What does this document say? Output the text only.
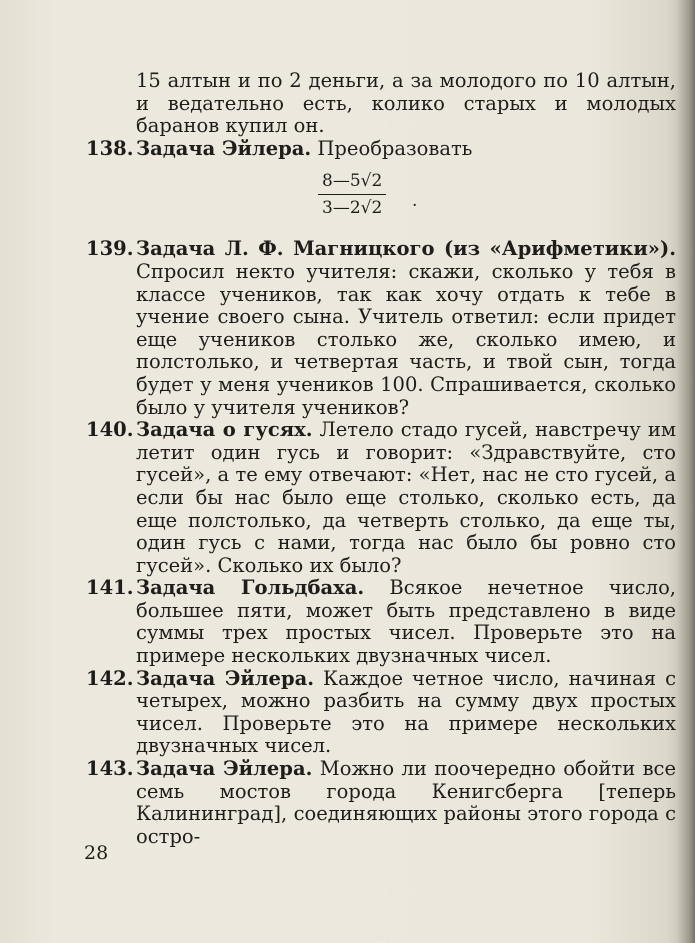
15 алтын и по 2 деньги, а за молодого по 10 алтын, и ведательно есть, колико старых и молодых баранов купил он.

138. Задача Эйлера. Преобразовать
8—5√2
3—2√2 .
139. Задача Л. Ф. Магницкого (из «Арифметики»). Спросил некто учителя: скажи, сколько у тебя в классе учеников, так как хочу отдать к тебе в учение своего сына. Учитель ответил: если придет еще учеников столько же, сколько имею, и полстолько, и четвертая часть, и твой сын, тогда будет у меня учеников 100. Спрашивается, сколько было у учителя учеников?
140. Задача о гусях. Летело стадо гусей, навстречу им летит один гусь и говорит: «Здравствуйте, сто гусей», а те ему отвечают: «Нет, нас не сто гусей, а если бы нас было еще столько, сколько есть, да еще полстолько, да четверть столько, да еще ты, один гусь с нами, тогда нас было бы ровно сто гусей». Сколько их было?
141. Задача Гольдбаха. Всякое нечетное число, большее пяти, может быть представлено в виде суммы трех простых чисел. Проверьте это на примере нескольких двузначных чисел.
142. Задача Эйлера. Каждое четное число, начиная с четырех, можно разбить на сумму двух простых чисел. Проверьте это на примере нескольких двузначных чисел.
143. Задача Эйлера. Можно ли поочередно обойти все семь мостов города Кенигсберга [теперь Калининград], соединяющих районы этого города с остро-
28
